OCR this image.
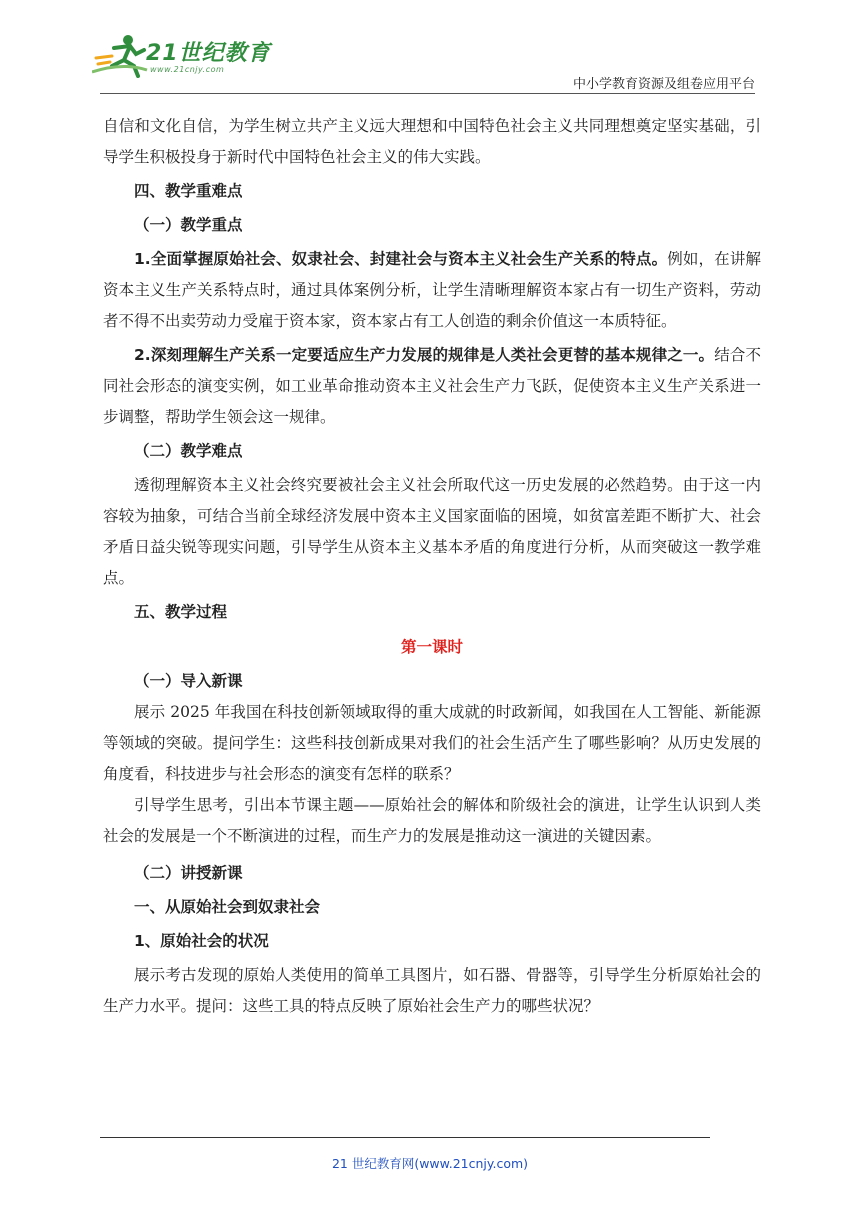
21世纪教育
www.21cnjy.com
中小学教育资源及组卷应用平台

自信和文化自信，为学生树立共产主义远大理想和中国特色社会主义共同理想奠定坚实基础，引导学生积极投身于新时代中国特色社会主义的伟大实践。

四、教学重难点

（一）教学重点

1.全面掌握原始社会、奴隶社会、封建社会与资本主义社会生产关系的特点。例如，在讲解资本主义生产关系特点时，通过具体案例分析，让学生清晰理解资本家占有一切生产资料，劳动者不得不出卖劳动力受雇于资本家，资本家占有工人创造的剩余价值这一本质特征。

2.深刻理解生产关系一定要适应生产力发展的规律是人类社会更替的基本规律之一。结合不同社会形态的演变实例，如工业革命推动资本主义社会生产力飞跃，促使资本主义生产关系进一步调整，帮助学生领会这一规律。

（二）教学难点

透彻理解资本主义社会终究要被社会主义社会所取代这一历史发展的必然趋势。由于这一内容较为抽象，可结合当前全球经济发展中资本主义国家面临的困境，如贫富差距不断扩大、社会矛盾日益尖锐等现实问题，引导学生从资本主义基本矛盾的角度进行分析，从而突破这一教学难点。

五、教学过程

第一课时

（一）导入新课

展示 2025 年我国在科技创新领域取得的重大成就的时政新闻，如我国在人工智能、新能源等领域的突破。提问学生：这些科技创新成果对我们的社会生活产生了哪些影响？从历史发展的角度看，科技进步与社会形态的演变有怎样的联系？

引导学生思考，引出本节课主题——原始社会的解体和阶级社会的演进，让学生认识到人类社会的发展是一个不断演进的过程，而生产力的发展是推动这一演进的关键因素。

（二）讲授新课

一、从原始社会到奴隶社会

1、原始社会的状况

展示考古发现的原始人类使用的简单工具图片，如石器、骨器等，引导学生分析原始社会的生产力水平。提问：这些工具的特点反映了原始社会生产力的哪些状况？

21 世纪教育网(www.21cnjy.com)
